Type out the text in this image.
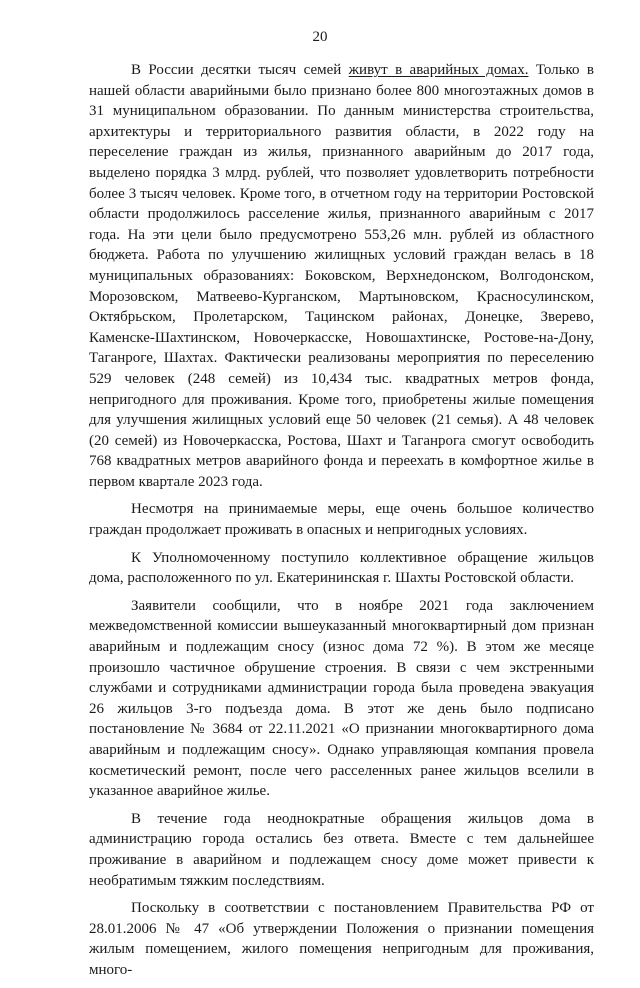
20

В России десятки тысяч семей живут в аварийных домах. Только в нашей области аварийными было признано более 800 многоэтажных домов в 31 муниципальном образовании. По данным министерства строительства, архитектуры и территориального развития области, в 2022 году на переселение граждан из жилья, признанного аварийным до 2017 года, выделено порядка 3 млрд. рублей, что позволяет удовлетворить потребности более 3 тысяч человек. Кроме того, в отчетном году на территории Ростовской области продолжилось расселение жилья, признанного аварийным с 2017 года. На эти цели было предусмотрено 553,26 млн. рублей из областного бюджета. Работа по улучшению жилищных условий граждан велась в 18 муниципальных образованиях: Боковском, Верхнедонском, Волгодонском, Морозовском, Матвеево-Курганском, Мартыновском, Красносулинском, Октябрьском, Пролетарском, Тацинском районах, Донецке, Зверево, Каменске-Шахтинском, Новочеркасске, Новошахтинске, Ростове-на-Дону, Таганроге, Шахтах. Фактически реализованы мероприятия по переселению 529 человек (248 семей) из 10,434 тыс. квадратных метров фонда, непригодного для проживания. Кроме того, приобретены жилые помещения для улучшения жилищных условий еще 50 человек (21 семья). А 48 человек (20 семей) из Новочеркасска, Ростова, Шахт и Таганрога смогут освободить 768 квадратных метров аварийного фонда и переехать в комфортное жилье в первом квартале 2023 года.

Несмотря на принимаемые меры, еще очень большое количество граждан продолжает проживать в опасных и непригодных условиях.

К Уполномоченному поступило коллективное обращение жильцов дома, расположенного по ул. Екатерининская г. Шахты Ростовской области.

Заявители сообщили, что в ноябре 2021 года заключением межведомственной комиссии вышеуказанный многоквартирный дом признан аварийным и подлежащим сносу (износ дома 72 %). В этом же месяце произошло частичное обрушение строения. В связи с чем экстренными службами и сотрудниками администрации города была проведена эвакуация 26 жильцов 3-го подъезда дома. В этот же день было подписано постановление № 3684 от 22.11.2021 «О признании многоквартирного дома аварийным и подлежащим сносу». Однако управляющая компания провела косметический ремонт, после чего расселенных ранее жильцов вселили в указанное аварийное жилье.

В течение года неоднократные обращения жильцов дома в администрацию города остались без ответа. Вместе с тем дальнейшее проживание в аварийном и подлежащем сносу доме может привести к необратимым тяжким последствиям.

Поскольку в соответствии с постановлением Правительства РФ от 28.01.2006 № 47 «Об утверждении Положения о признании помещения жилым помещением, жилого помещения непригодным для проживания, много-
